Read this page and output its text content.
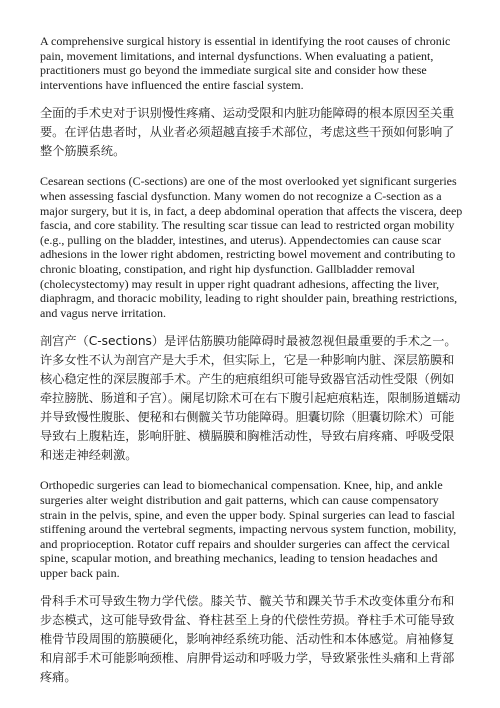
A comprehensive surgical history is essential in identifying the root causes of chronic pain, movement limitations, and internal dysfunctions. When evaluating a patient, practitioners must go beyond the immediate surgical site and consider how these interventions have influenced the entire fascial system.

全面的手术史对于识别慢性疼痛、运动受限和内脏功能障碍的根本原因至关重要。在评估患者时，从业者必须超越直接手术部位，考虑这些干预如何影响了整个筋膜系统。

Cesarean sections (C-sections) are one of the most overlooked yet significant surgeries when assessing fascial dysfunction. Many women do not recognize a C-section as a major surgery, but it is, in fact, a deep abdominal operation that affects the viscera, deep fascia, and core stability. The resulting scar tissue can lead to restricted organ mobility (e.g., pulling on the bladder, intestines, and uterus). Appendectomies can cause scar adhesions in the lower right abdomen, restricting bowel movement and contributing to chronic bloating, constipation, and right hip dysfunction. Gallbladder removal (cholecystectomy) may result in upper right quadrant adhesions, affecting the liver, diaphragm, and thoracic mobility, leading to right shoulder pain, breathing restrictions, and vagus nerve irritation.

剖宫产（C-sections）是评估筋膜功能障碍时最被忽视但最重要的手术之一。许多女性不认为剖宫产是大手术，但实际上，它是一种影响内脏、深层筋膜和核心稳定性的深层腹部手术。产生的疤痕组织可能导致器官活动性受限（例如牵拉膀胱、肠道和子宫）。阑尾切除术可在右下腹引起疤痕粘连，限制肠道蠕动并导致慢性腹胀、便秘和右侧髋关节功能障碍。胆囊切除（胆囊切除术）可能导致右上腹粘连，影响肝脏、横膈膜和胸椎活动性，导致右肩疼痛、呼吸受限和迷走神经刺激。

Orthopedic surgeries can lead to biomechanical compensation. Knee, hip, and ankle surgeries alter weight distribution and gait patterns, which can cause compensatory strain in the pelvis, spine, and even the upper body. Spinal surgeries can lead to fascial stiffening around the vertebral segments, impacting nervous system function, mobility, and proprioception. Rotator cuff repairs and shoulder surgeries can affect the cervical spine, scapular motion, and breathing mechanics, leading to tension headaches and upper back pain.

骨科手术可导致生物力学代偿。膝关节、髋关节和踝关节手术改变体重分布和步态模式，这可能导致骨盆、脊柱甚至上身的代偿性劳损。脊柱手术可能导致椎骨节段周围的筋膜硬化，影响神经系统功能、活动性和本体感觉。肩袖修复和肩部手术可能影响颈椎、肩胛骨运动和呼吸力学，导致紧张性头痛和上背部疼痛。
